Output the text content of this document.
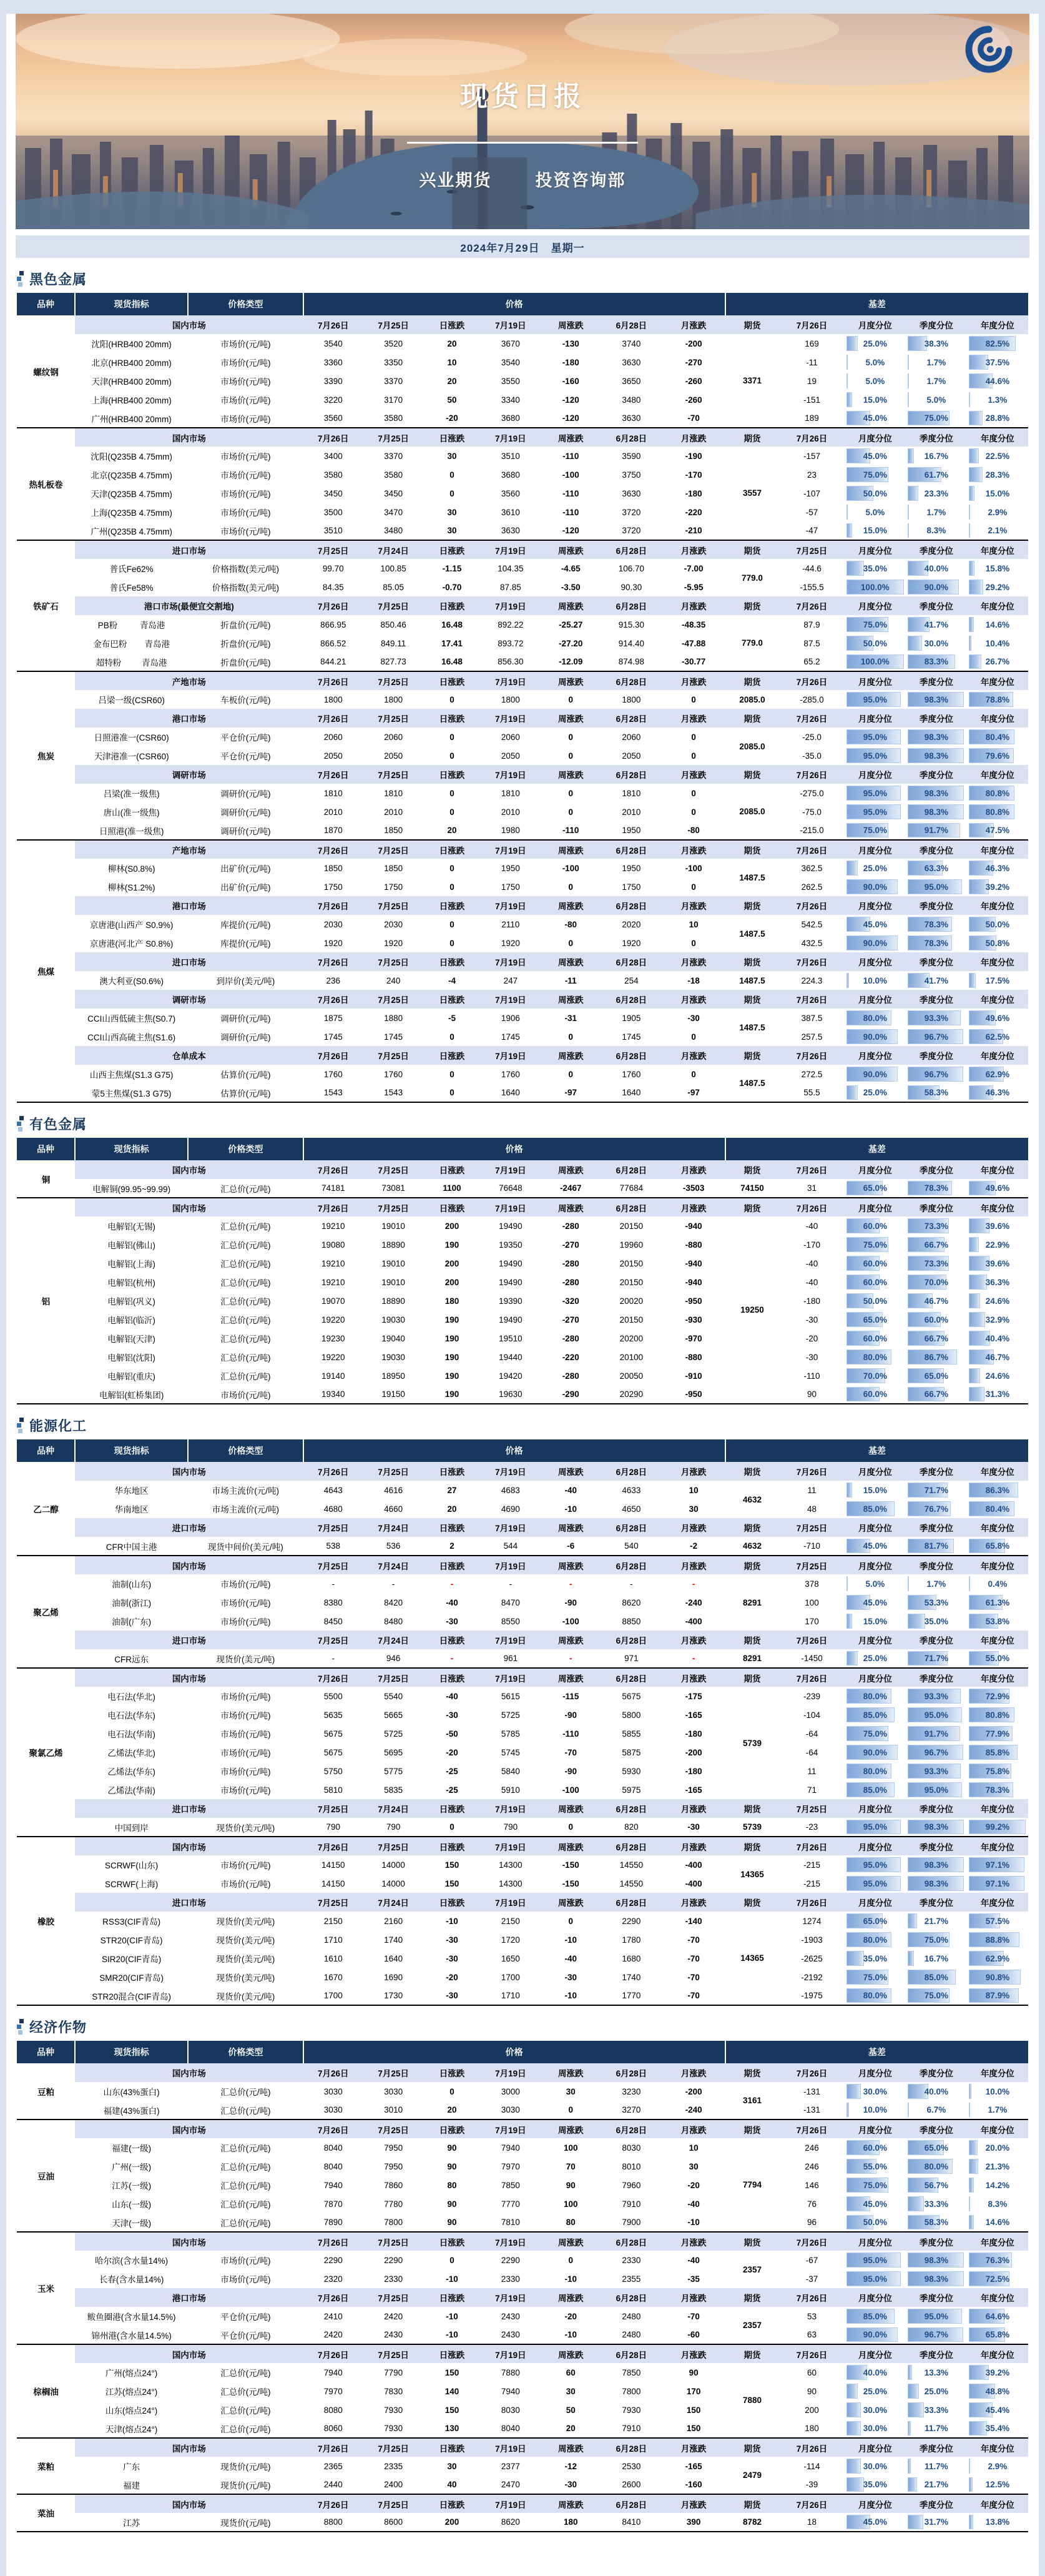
现货日报
兴业期货	投资咨询部
2024年7月29日 星期一
黑色金属
品种	现货指标	价格类型	价格							基差				
螺纹钢	国内市场		7月26日	7月25日	日涨跌	7月19日	周涨跌	6月28日	月涨跌	期货	7月26日	月度分位	季度分位	年度分位
	沈阳(HRB400 20mm)	市场价(元/吨)	3540	3520	20	3670	-130	3740	-200	3371	169	25.0%	38.3%	82.5%
	北京(HRB400 20mm)	市场价(元/吨)	3360	3350	10	3540	-180	3630	-270		-11	5.0%	1.7%	37.5%
	天津(HRB400 20mm)	市场价(元/吨)	3390	3370	20	3550	-160	3650	-260		19	5.0%	1.7%	44.6%
	上海(HRB400 20mm)	市场价(元/吨)	3220	3170	50	3340	-120	3480	-260		-151	15.0%	5.0%	1.3%
	广州(HRB400 20mm)	市场价(元/吨)	3560	3580	-20	3680	-120	3630	-70		189	45.0%	75.0%	28.8%
热轧板卷	国内市场		7月26日	7月25日	日涨跌	7月19日	周涨跌	6月28日	月涨跌	期货	7月26日	月度分位	季度分位	年度分位
	沈阳(Q235B 4.75mm)	市场价(元/吨)	3400	3370	30	3510	-110	3590	-190	3557	-157	45.0%	16.7%	22.5%
	北京(Q235B 4.75mm)	市场价(元/吨)	3580	3580	0	3680	-100	3750	-170		23	75.0%	61.7%	28.3%
	天津(Q235B 4.75mm)	市场价(元/吨)	3450	3450	0	3560	-110	3630	-180		-107	50.0%	23.3%	15.0%
	上海(Q235B 4.75mm)	市场价(元/吨)	3500	3470	30	3610	-110	3720	-220		-57	5.0%	1.7%	2.9%
	广州(Q235B 4.75mm)	市场价(元/吨)	3510	3480	30	3630	-120	3720	-210		-47	15.0%	8.3%	2.1%
铁矿石	进口市场		7月25日	7月24日	日涨跌	7月19日	周涨跌	6月28日	月涨跌	期货	7月25日	月度分位	季度分位	年度分位
	普氏Fe62%	价格指数(美元/吨)	99.70	100.85	-1.15	104.35	-4.65	106.70	-7.00	779.0	-44.6	35.0%	40.0%	15.8%
	普氏Fe58%	价格指数(美元/吨)	84.35	85.05	-0.70	87.85	-3.50	90.30	-5.95		-155.5	100.0%	90.0%	29.2%
	港口市场(最便宜交割地)		7月26日	7月25日	日涨跌	7月19日	周涨跌	6月28日	月涨跌	期货	7月26日	月度分位	季度分位	年度分位

	PB粉 青岛港	折盘价(元/吨)	866.95	850.46	16.48	892.22	-25.27	915.30	-48.35	779.0	87.9	75.0%	41.7%	14.6%

	金布巴粉 青岛港	折盘价(元/吨)	866.52	849.11	17.41	893.72	-27.20	914.40	-47.88		87.5	50.0%	30.0%	10.4%

	超特粉 青岛港	折盘价(元/吨)	844.21	827.73	16.48	856.30	-12.09	874.98	-30.77		65.2	100.0%	83.3%	26.7%
焦炭	产地市场		7月26日	7月25日	日涨跌	7月19日	周涨跌	6月28日	月涨跌	期货	7月26日	月度分位	季度分位	年度分位
	吕梁一级(CSR60)	车板价(元/吨)	1800	1800	0	1800	0	1800	0	2085.0	-285.0	95.0%	98.3%	78.8%
	港口市场		7月26日	7月25日	日涨跌	7月19日	周涨跌	6月28日	月涨跌	期货	7月26日	月度分位	季度分位	年度分位
	日照港准一(CSR60)	平仓价(元/吨)	2060	2060	0	2060	0	2060	0	2085.0	-25.0	95.0%	98.3%	80.4%
	天津港准一(CSR60)	平仓价(元/吨)	2050	2050	0	2050	0	2050	0		-35.0	95.0%	98.3%	79.6%
	调研市场		7月26日	7月25日	日涨跌	7月19日	周涨跌	6月28日	月涨跌	期货	7月26日	月度分位	季度分位	年度分位
	吕梁(准一级焦)	调研价(元/吨)	1810	1810	0	1810	0	1810	0	2085.0	-275.0	95.0%	98.3%	80.8%
	唐山(准一级焦)	调研价(元/吨)	2010	2010	0	2010	0	2010	0		-75.0	95.0%	98.3%	80.8%
	日照港(准一级焦)	调研价(元/吨)	1870	1850	20	1980	-110	1950	-80		-215.0	75.0%	91.7%	47.5%
焦煤	产地市场		7月26日	7月25日	日涨跌	7月19日	周涨跌	6月28日	月涨跌	期货	7月26日	月度分位	季度分位	年度分位
	柳林(S0.8%)	出矿价(元/吨)	1850	1850	0	1950	-100	1950	-100	1487.5	362.5	25.0%	63.3%	46.3%
	柳林(S1.2%)	出矿价(元/吨)	1750	1750	0	1750	0	1750	0		262.5	90.0%	95.0%	39.2%
	港口市场		7月26日	7月25日	日涨跌	7月19日	周涨跌	6月28日	月涨跌	期货	7月26日	月度分位	季度分位	年度分位
	京唐港(山西产 S0.9%)	库提价(元/吨)	2030	2030	0	2110	-80	2020	10	1487.5	542.5	45.0%	78.3%	50.0%
	京唐港(河北产 S0.8%)	库提价(元/吨)	1920	1920	0	1920	0	1920	0		432.5	90.0%	78.3%	50.8%
	进口市场		7月26日	7月25日	日涨跌	7月19日	周涨跌	6月28日	月涨跌	期货	7月26日	月度分位	季度分位	年度分位
	澳大利亚(S0.6%)	到岸价(美元/吨)	236	240	-4	247	-11	254	-18	1487.5	224.3	10.0%	41.7%	17.5%
	调研市场		7月26日	7月25日	日涨跌	7月19日	周涨跌	6月28日	月涨跌	期货	7月26日	月度分位	季度分位	年度分位
	CCI山西低硫主焦(S0.7)	调研价(元/吨)	1875	1880	-5	1906	-31	1905	-30	1487.5	387.5	80.0%	93.3%	49.6%
	CCI山西高硫主焦(S1.6)	调研价(元/吨)	1745	1745	0	1745	0	1745	0		257.5	90.0%	96.7%	62.5%
	仓单成本		7月26日	7月25日	日涨跌	7月19日	周涨跌	6月28日	月涨跌	期货	7月26日	月度分位	季度分位	年度分位
	山西主焦煤(S1.3 G75)	估算价(元/吨)	1760	1760	0	1760	0	1760	0	1487.5	272.5	90.0%	96.7%	62.9%
	蒙5主焦煤(S1.3 G75)	估算价(元/吨)	1543	1543	0	1640	-97	1640	-97		55.5	25.0%	58.3%	46.3%
有色金属
品种	现货指标	价格类型	价格							基差				
铜	国内市场		7月26日	7月25日	日涨跌	7月19日	周涨跌	6月28日	月涨跌	期货	7月26日	月度分位	季度分位	年度分位
	电解铜(99.95~99.99)	汇总价(元/吨)	74181	73081	1100	76648	-2467	77684	-3503	74150	31	65.0%	78.3%	49.6%
铝	国内市场		7月26日	7月25日	日涨跌	7月19日	周涨跌	6月28日	月涨跌	期货	7月26日	月度分位	季度分位	年度分位
	电解铝(无锡)	汇总价(元/吨)	19210	19010	200	19490	-280	20150	-940	19250	-40	60.0%	73.3%	39.6%
	电解铝(佛山)	汇总价(元/吨)	19080	18890	190	19350	-270	19960	-880		-170	75.0%	66.7%	22.9%
	电解铝(上海)	汇总价(元/吨)	19210	19010	200	19490	-280	20150	-940		-40	60.0%	73.3%	39.6%
	电解铝(杭州)	汇总价(元/吨)	19210	19010	200	19490	-280	20150	-940		-40	60.0%	70.0%	36.3%
	电解铝(巩义)	汇总价(元/吨)	19070	18890	180	19390	-320	20020	-950		-180	50.0%	46.7%	24.6%
	电解铝(临沂)	汇总价(元/吨)	19220	19030	190	19490	-270	20150	-930		-30	65.0%	60.0%	32.9%
	电解铝(天津)	汇总价(元/吨)	19230	19040	190	19510	-280	20200	-970		-20	60.0%	66.7%	40.4%
	电解铝(沈阳)	汇总价(元/吨)	19220	19030	190	19440	-220	20100	-880		-30	80.0%	86.7%	46.7%
	电解铝(重庆)	汇总价(元/吨)	19140	18950	190	19420	-280	20050	-910		-110	70.0%	65.0%	24.6%
	电解铝(虹桥集团)	市场价(元/吨)	19340	19150	190	19630	-290	20290	-950		90	60.0%	66.7%	31.3%
能源化工
品种	现货指标	价格类型	价格							基差				
乙二醇	国内市场		7月26日	7月25日	日涨跌	7月19日	周涨跌	6月28日	月涨跌	期货	7月26日	月度分位	季度分位	年度分位
	华东地区	市场主流价(元/吨)	4643	4616	27	4683	-40	4633	10	4632	11	15.0%	71.7%	86.3%
	华南地区	市场主流价(元/吨)	4680	4660	20	4690	-10	4650	30		48	85.0%	76.7%	80.4%
	进口市场		7月25日	7月24日	日涨跌	7月19日	周涨跌	6月28日	月涨跌	期货	7月25日	月度分位	季度分位	年度分位
	CFR中国主港	现货中间价(美元/吨)	538	536	2	544	-6	540	-2	4632	-710	45.0%	81.7%	65.8%
聚乙烯	国内市场		7月25日	7月24日	日涨跌	7月19日	周涨跌	6月28日	月涨跌	期货	7月25日	月度分位	季度分位	年度分位
	油制(山东)	市场价(元/吨)	-	-	-	-	-	-	-	8291	378	5.0%	1.7%	0.4%
	油制(浙江)	市场价(元/吨)	8380	8420	-40	8470	-90	8620	-240		100	45.0%	53.3%	61.3%
	油制(广东)	市场价(元/吨)	8450	8480	-30	8550	-100	8850	-400		170	15.0%	35.0%	53.8%
	进口市场		7月25日	7月24日	日涨跌	7月19日	周涨跌	6月28日	月涨跌	期货	7月26日	月度分位	季度分位	年度分位
	CFR远东	现货价(美元/吨)	-	946	-	961	-	971	-	8291	-1450	25.0%	71.7%	55.0%
聚氯乙烯	国内市场		7月26日	7月25日	日涨跌	7月19日	周涨跌	6月28日	月涨跌	期货	7月26日	月度分位	季度分位	年度分位
	电石法(华北)	市场价(元/吨)	5500	5540	-40	5615	-115	5675	-175	5739	-239	80.0%	93.3%	72.9%
	电石法(华东)	市场价(元/吨)	5635	5665	-30	5725	-90	5800	-165		-104	85.0%	95.0%	80.8%
	电石法(华南)	市场价(元/吨)	5675	5725	-50	5785	-110	5855	-180		-64	75.0%	91.7%	77.9%
	乙烯法(华北)	市场价(元/吨)	5675	5695	-20	5745	-70	5875	-200		-64	90.0%	96.7%	85.8%
	乙烯法(华东)	市场价(元/吨)	5750	5775	-25	5840	-90	5930	-180		11	80.0%	93.3%	75.8%
	乙烯法(华南)	市场价(元/吨)	5810	5835	-25	5910	-100	5975	-165		71	85.0%	95.0%	78.3%
	进口市场		7月25日	7月24日	日涨跌	7月19日	周涨跌	6月28日	月涨跌	期货	7月25日	月度分位	季度分位	年度分位
	中国到岸	现货价(美元/吨)	790	790	0	790	0	820	-30	5739	-23	95.0%	98.3%	99.2%
橡胶	国内市场		7月26日	7月25日	日涨跌	7月19日	周涨跌	6月28日	月涨跌	期货	7月26日	月度分位	季度分位	年度分位
	SCRWF(山东)	市场价(元/吨)	14150	14000	150	14300	-150	14550	-400	14365	-215	95.0%	98.3%	97.1%
	SCRWF(上海)	市场价(元/吨)	14150	14000	150	14300	-150	14550	-400		-215	95.0%	98.3%	97.1%
	进口市场		7月25日	7月24日	日涨跌	7月19日	周涨跌	6月28日	月涨跌	期货	7月26日	月度分位	季度分位	年度分位
	RSS3(CIF青岛)	现货价(美元/吨)	2150	2160	-10	2150	0	2290	-140	14365	1274	65.0%	21.7%	57.5%
	STR20(CIF青岛)	现货价(美元/吨)	1710	1740	-30	1720	-10	1780	-70		-1903	80.0%	75.0%	88.8%
	SIR20(CIF青岛)	现货价(美元/吨)	1610	1640	-30	1650	-40	1680	-70		-2625	35.0%	16.7%	62.9%
	SMR20(CIF青岛)	现货价(美元/吨)	1670	1690	-20	1700	-30	1740	-70		-2192	75.0%	85.0%	90.8%
	STR20混合(CIF青岛)	现货价(美元/吨)	1700	1730	-30	1710	-10	1770	-70		-1975	80.0%	75.0%	87.9%
经济作物
品种	现货指标	价格类型	价格							基差				
豆粕	国内市场		7月26日	7月25日	日涨跌	7月19日	周涨跌	6月28日	月涨跌	期货	7月26日	月度分位	季度分位	年度分位
	山东(43%蛋白)	汇总价(元/吨)	3030	3030	0	3000	30	3230	-200	3161	-131	30.0%	40.0%	10.0%
	福建(43%蛋白)	汇总价(元/吨)	3030	3010	20	3030	0	3270	-240		-131	10.0%	6.7%	1.7%
豆油	国内市场		7月26日	7月25日	日涨跌	7月19日	周涨跌	6月28日	月涨跌	期货	7月26日	月度分位	季度分位	年度分位
	福建(一级)	汇总价(元/吨)	8040	7950	90	7940	100	8030	10	7794	246	60.0%	65.0%	20.0%
	广州(一级)	汇总价(元/吨)	8040	7950	90	7970	70	8010	30		246	55.0%	80.0%	21.3%
	江苏(一级)	汇总价(元/吨)	7940	7860	80	7850	90	7960	-20		146	75.0%	56.7%	14.2%
	山东(一级)	汇总价(元/吨)	7870	7780	90	7770	100	7910	-40		76	45.0%	33.3%	8.3%
	天津(一级)	汇总价(元/吨)	7890	7800	90	7810	80	7900	-10		96	50.0%	58.3%	14.6%
玉米	国内市场		7月26日	7月25日	日涨跌	7月19日	周涨跌	6月28日	月涨跌	期货	7月26日	月度分位	季度分位	年度分位
	哈尔滨(含水量14%)	市场价(元/吨)	2290	2290	0	2290	0	2330	-40	2357	-67	95.0%	98.3%	76.3%
	长春(含水量14%)	市场价(元/吨)	2320	2330	-10	2330	-10	2355	-35		-37	95.0%	98.3%	72.5%
	港口市场		7月26日	7月25日	日涨跌	7月19日	周涨跌	6月28日	月涨跌	期货	7月26日	月度分位	季度分位	年度分位
	鲅鱼圈港(含水量14.5%)	平仓价(元/吨)	2410	2420	-10	2430	-20	2480	-70	2357	53	85.0%	95.0%	64.6%
	锦州港(含水量14.5%)	平仓价(元/吨)	2420	2430	-10	2430	-10	2480	-60		63	90.0%	96.7%	65.8%
棕榈油	国内市场		7月26日	7月25日	日涨跌	7月19日	周涨跌	6月28日	月涨跌	期货	7月26日	月度分位	季度分位	年度分位
	广州(熔点24°)	汇总价(元/吨)	7940	7790	150	7880	60	7850	90	7880	60	40.0%	13.3%	39.2%
	江苏(熔点24°)	汇总价(元/吨)	7970	7830	140	7940	30	7800	170		90	25.0%	25.0%	48.8%
	山东(熔点24°)	汇总价(元/吨)	8080	7930	150	8030	50	7930	150		200	30.0%	33.3%	45.4%
	天津(熔点24°)	汇总价(元/吨)	8060	7930	130	8040	20	7910	150		180	30.0%	11.7%	35.4%
菜粕	国内市场		7月26日	7月25日	日涨跌	7月19日	周涨跌	6月28日	月涨跌	期货	7月26日	月度分位	季度分位	年度分位
	广东	现货价(元/吨)	2365	2335	30	2377	-12	2530	-165	2479	-114	30.0%	11.7%	2.9%
	福建	现货价(元/吨)	2440	2400	40	2470	-30	2600	-160		-39	35.0%	21.7%	12.5%
菜油	国内市场		7月26日	7月25日	日涨跌	7月19日	周涨跌	6月28日	月涨跌	期货	7月26日	月度分位	季度分位	年度分位
	江苏	现货价(元/吨)	8800	8600	200	8620	180	8410	390	8782	18	45.0%	31.7%	13.8%
